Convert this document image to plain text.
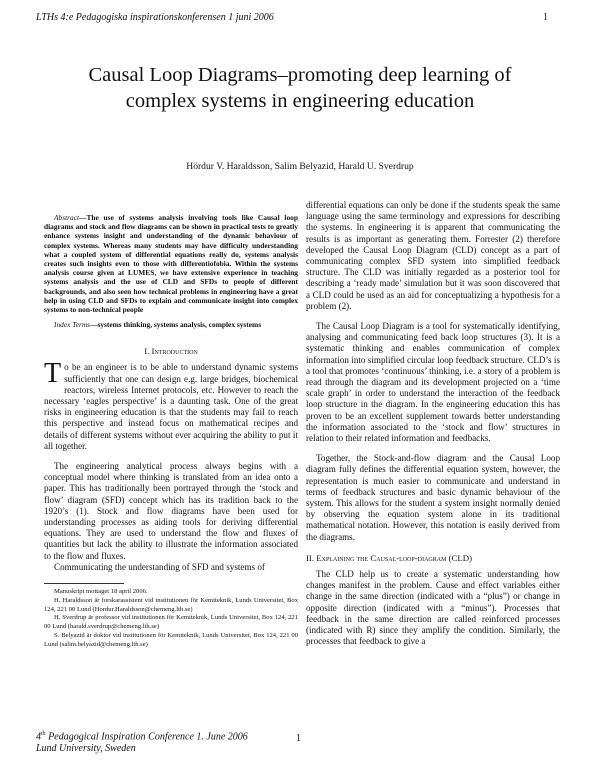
LTHs 4:e Pedagogiska inspirationskonferensen 1 juni 2006	1
Causal Loop Diagrams–promoting deep learning of complex systems in engineering education
Hördur V. Haraldsson, Salim Belyazid, Harald U. Sverdrup

Abstract—The use of systems analysis involving tools like Causal loop diagrams and stock and flow diagrams can be shown in practical tests to greatly enhance systems insight and understanding of the dynamic behaviour of complex systems. Whereas many students may have difficulty understanding what a coupled system of differential equations really do, systems analysis creates such insights even to those with differentiofobia. Within the systems analysis course given at LUMES, we have extensive experience in teaching systems analysis and the use of CLD and SFDs to people of different backgrounds, and also seen how technical problems in engineering have a great help in using CLD and SFDs to explain and communicate insight into complex systems to non-technical people

Index Terms—systems thinking, systems analysis, complex systems

I. Introduction

To be an engineer is to be able to understand dynamic systems sufficiently that one can design e.g. large bridges, biochemical reactors, wireless Internet protocols, etc. However to reach the necessary ‘eagles perspective’ is a daunting task. One of the great risks in engineering education is that the students may fail to reach this perspective and instead focus on mathematical recipes and details of different systems without ever acquiring the ability to put it all together.

The engineering analytical process always begins with a conceptual model where thinking is translated from an idea onto a paper. This has traditionally been portrayed through the ‘stock and flow’ diagram (SFD) concept which has its tradition back to the 1920’s (1). Stock and flow diagrams have been used for understanding processes as aiding tools for deriving differential equations. They are used to understand the flow and fluxes of quantities but lack the ability to illustrate the information associated to the flow and fluxes.

Communicating the understanding of SFD and systems of

Manuskript mottaget 18 april 2006.

H. Haraldsson är forskarassistent vid institutionen för Kemiteknik, Lunds Universitet, Box 124, 221 00 Lund (Hordur.Haraldsson@chemeng.lth.se)

H. Sverdrup är professor vid institutionen för Kemiteknik, Lunds Universitet, Box 124, 221 00 Lund (harald.sverdrup@chemeng.lth.se)

S. Belyazid är doktor vid institutionen för Kemiteknik, Lunds Universitet, Box 124, 221 00 Lund (salim.belyazid@chemeng.lth.se)

differential equations can only be done if the students speak the same language using the same terminology and expressions for describing the systems. In engineering it is apparent that communicating the results is as important as generating them. Forrester (2) therefore developed the Causal Loop Diagram (CLD) concept as a part of communicating complex SFD system into simplified feedback structure. The CLD was initially regarded as a posterior tool for describing a ‘ready made’ simulation but it was soon discovered that a CLD could be used as an aid for conceptualizing a hypothesis for a problem (2).

The Causal Loop Diagram is a tool for systematically identifying, analysing and communicating feed back loop structures (3). It is a systematic thinking and enables communication of complex information into simplified circular loop feedback structure. CLD’s is a tool that promotes ‘continuous’ thinking, i.e. a story of a problem is read through the diagram and its development projected on a ‘time scale graph’ in order to understand the interaction of the feedback loop structure in the diagram. In the engineering education this has proven to be an excellent supplement towards better understanding the information associated to the ‘stock and flow’ structures in relation to their related information and feedbacks.

Together, the Stock-and-flow diagram and the Causal Loop diagram fully defines the differential equation system, however, the representation is much easier to communicate and understand in terms of feedback structures and basic dynamic behaviour of the system. This allows for the student a system insight normally denied by observing the equation system alone in its traditional mathematical notation. However, this notation is easily derived from the diagrams.

II. Explaining the Causal-loop-diagram (CLD)

The CLD help us to create a systematic understanding how changes manifest in the problem. Cause and effect variables either change in the same direction (indicated with a “plus”) or change in opposite direction (indicated with a “minus”). Processes that feedback in the same direction are called reinforced processes (indicated with R) since they amplify the condition. Similarly, the processes that feedback to give a

4th Pedagogical Inspiration Conference 1. June 2006
Lund University, Sweden
1
